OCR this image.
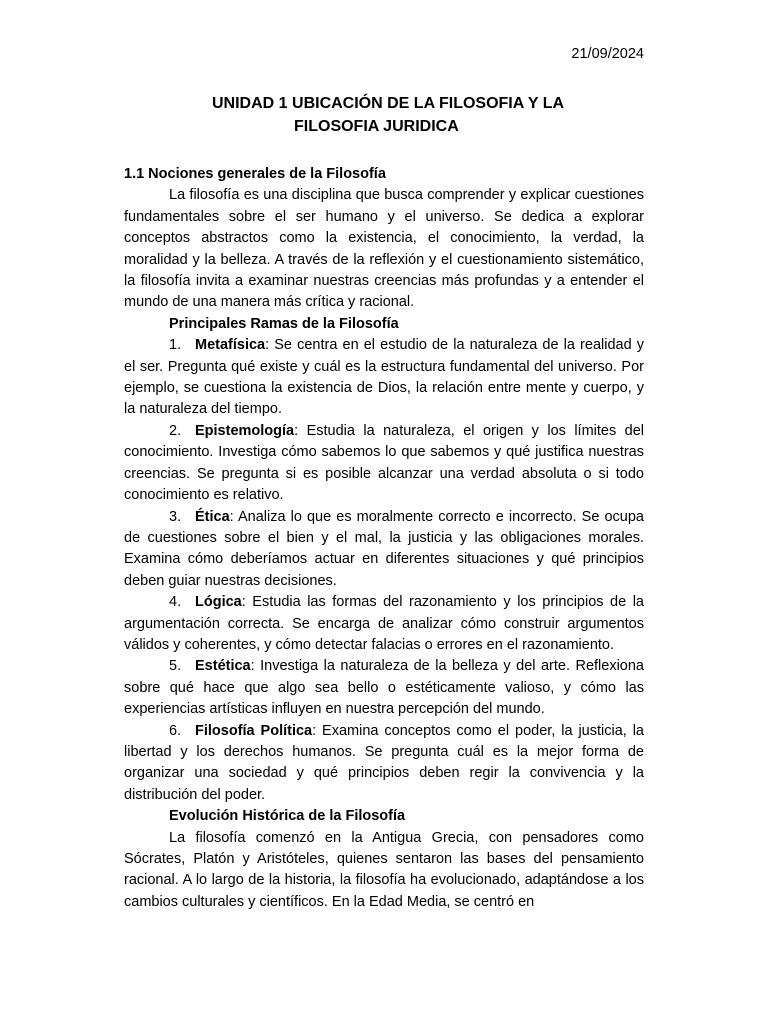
21/09/2024
UNIDAD 1 UBICACIÓN DE LA FILOSOFIA Y LA
FILOSOFIA JURIDICA

1.1 Nociones generales de la Filosofía

La filosofía es una disciplina que busca comprender y explicar cuestiones fundamentales sobre el ser humano y el universo. Se dedica a explorar conceptos abstractos como la existencia, el conocimiento, la verdad, la moralidad y la belleza. A través de la reflexión y el cuestionamiento sistemático, la filosofía invita a examinar nuestras creencias más profundas y a entender el mundo de una manera más crítica y racional.

Principales Ramas de la Filosofía

1. Metafísica: Se centra en el estudio de la naturaleza de la realidad y el ser. Pregunta qué existe y cuál es la estructura fundamental del universo. Por ejemplo, se cuestiona la existencia de Dios, la relación entre mente y cuerpo, y la naturaleza del tiempo.

2. Epistemología: Estudia la naturaleza, el origen y los límites del conocimiento. Investiga cómo sabemos lo que sabemos y qué justifica nuestras creencias. Se pregunta si es posible alcanzar una verdad absoluta o si todo conocimiento es relativo.

3. Ética: Analiza lo que es moralmente correcto e incorrecto. Se ocupa de cuestiones sobre el bien y el mal, la justicia y las obligaciones morales. Examina cómo deberíamos actuar en diferentes situaciones y qué principios deben guiar nuestras decisiones.

4. Lógica: Estudia las formas del razonamiento y los principios de la argumentación correcta. Se encarga de analizar cómo construir argumentos válidos y coherentes, y cómo detectar falacias o errores en el razonamiento.

5. Estética: Investiga la naturaleza de la belleza y del arte. Reflexiona sobre qué hace que algo sea bello o estéticamente valioso, y cómo las experiencias artísticas influyen en nuestra percepción del mundo.

6. Filosofía Política: Examina conceptos como el poder, la justicia, la libertad y los derechos humanos. Se pregunta cuál es la mejor forma de organizar una sociedad y qué principios deben regir la convivencia y la distribución del poder.

Evolución Histórica de la Filosofía

La filosofía comenzó en la Antigua Grecia, con pensadores como Sócrates, Platón y Aristóteles, quienes sentaron las bases del pensamiento racional. A lo largo de la historia, la filosofía ha evolucionado, adaptándose a los cambios culturales y científicos. En la Edad Media, se centró en
